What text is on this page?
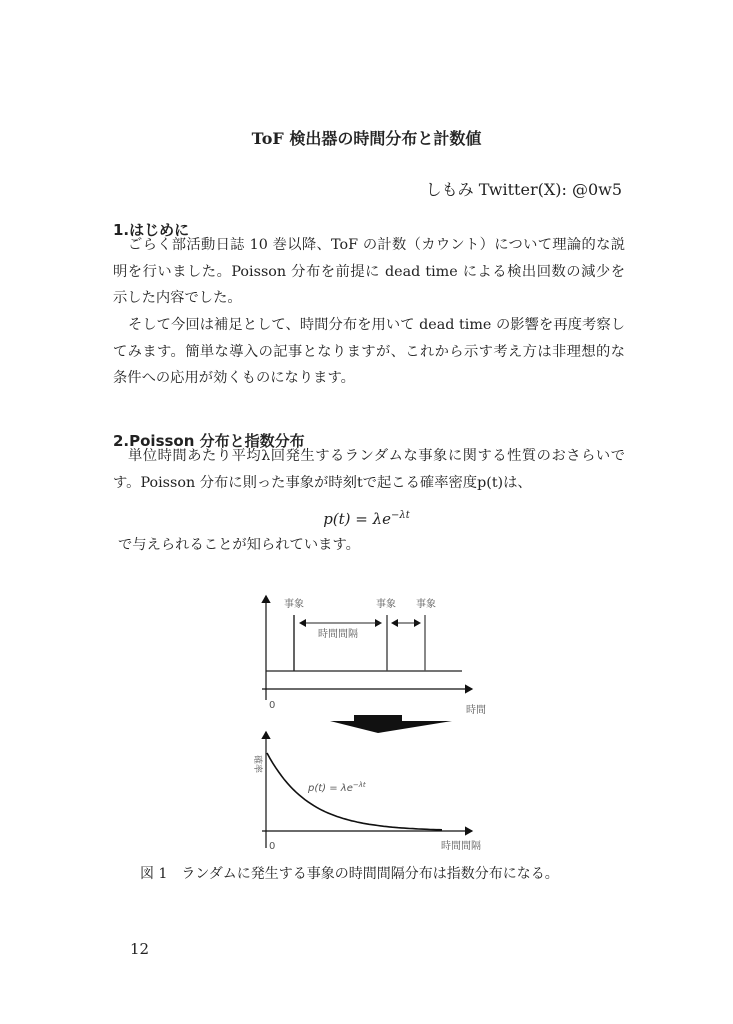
ToF 検出器の時間分布と計数値
しもみ Twitter(X): @0w5
1.はじめに
ごらく部活動日誌 10 巻以降、ToF の計数（カウント）について理論的な説明を行いました。Poisson 分布を前提に dead time による検出回数の減少を示した内容でした。
そして今回は補足として、時間分布を用いて dead time の影響を再度考察してみます。簡単な導入の記事となりますが、これから示す考え方は非理想的な条件への応用が効くものになります。
2.Poisson 分布と指数分布
単位時間あたり平均λ回発生するランダムな事象に関する性質のおさらいです。Poisson 分布に則った事象が時刻tで起こる確率密度p(t)は、
$p(t) = \lambda e^{-\lambda t}$
で与えられることが知られています。
事象	事象 事象
時間間隔
0	時間
確率
$p(t) = \lambda e^{-\lambda t}$
0	時間間隔
図 1　ランダムに発生する事象の時間間隔分布は指数分布になる。
12
